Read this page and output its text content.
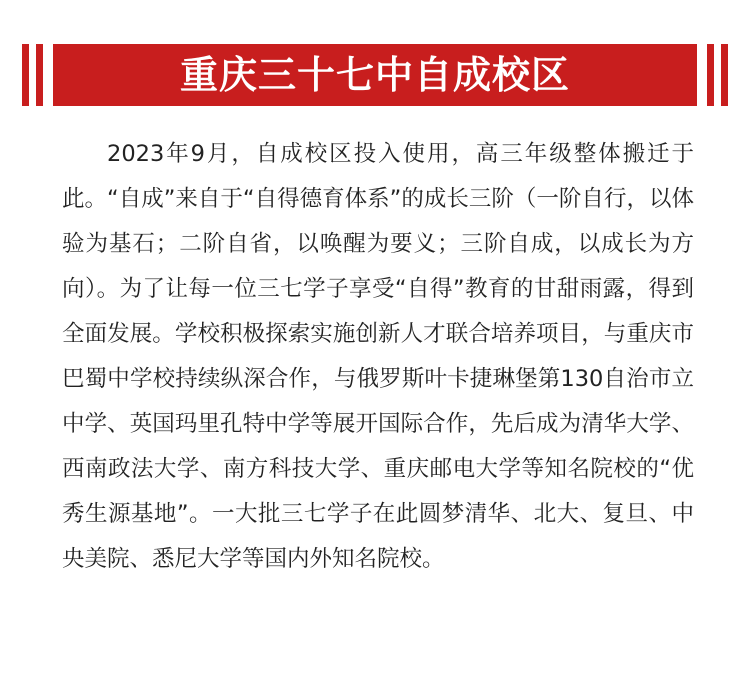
重庆三十七中自成校区

2023年9月，自成校区投入使用，高三年级整体搬迁于此。“自成”来自于“自得德育体系”的成长三阶（一阶自行，以体验为基石；二阶自省，以唤醒为要义；三阶自成，以成长为方向）。为了让每一位三七学子享受“自得”教育的甘甜雨露，得到全面发展。学校积极探索实施创新人才联合培养项目，与重庆市巴蜀中学校持续纵深合作，与俄罗斯叶卡捷琳堡第130自治市立中学、英国玛里孔特中学等展开国际合作，先后成为清华大学、西南政法大学、南方科技大学、重庆邮电大学等知名院校的“优秀生源基地”。一大批三七学子在此圆梦清华、北大、复旦、中央美院、悉尼大学等国内外知名院校。
